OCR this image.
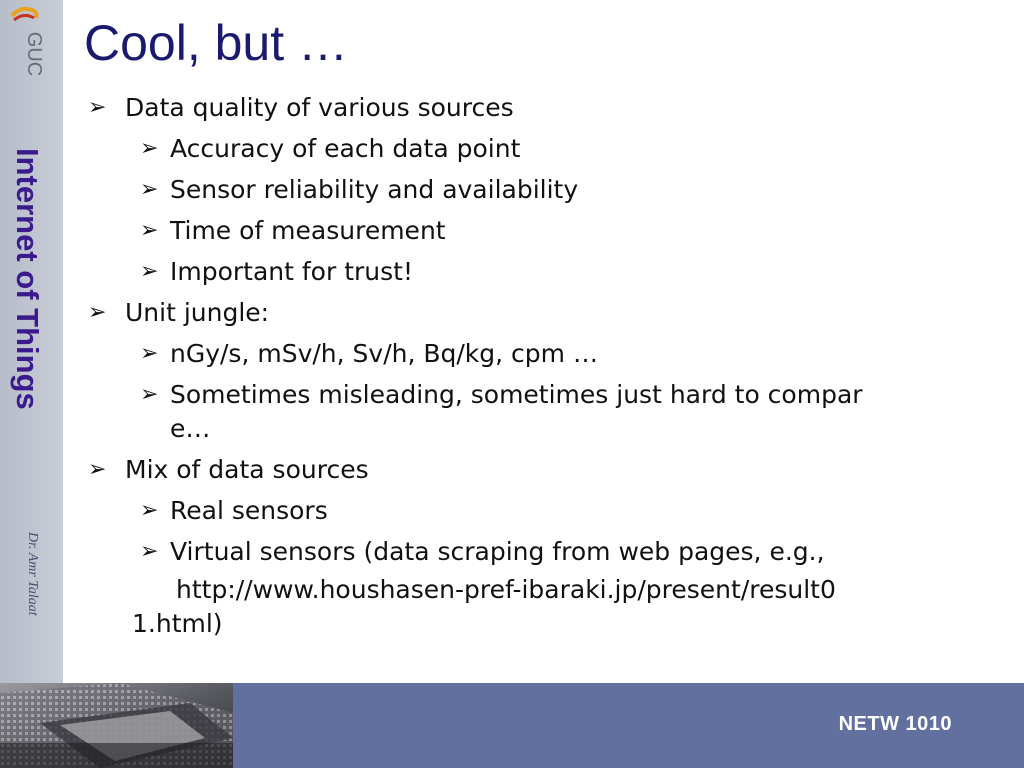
GUC
Internet of Things
Dr. Amr Talaat
Cool, but …
➢ Data quality of various sources
➢ Accuracy of each data point
➢ Sensor reliability and availability
➢ Time of measurement
➢ Important for trust!
➢ Unit jungle:
➢ nGy/s, mSv/h, Sv/h, Bq/kg, cpm …
➢ Sometimes misleading, sometimes just hard to compar
e…
➢ Mix of data sources
➢ Real sensors
➢ Virtual sensors (data scraping from web pages, e.g.,
http://www.houshasen-pref-ibaraki.jp/present/result0
1.html)
NETW 1010
